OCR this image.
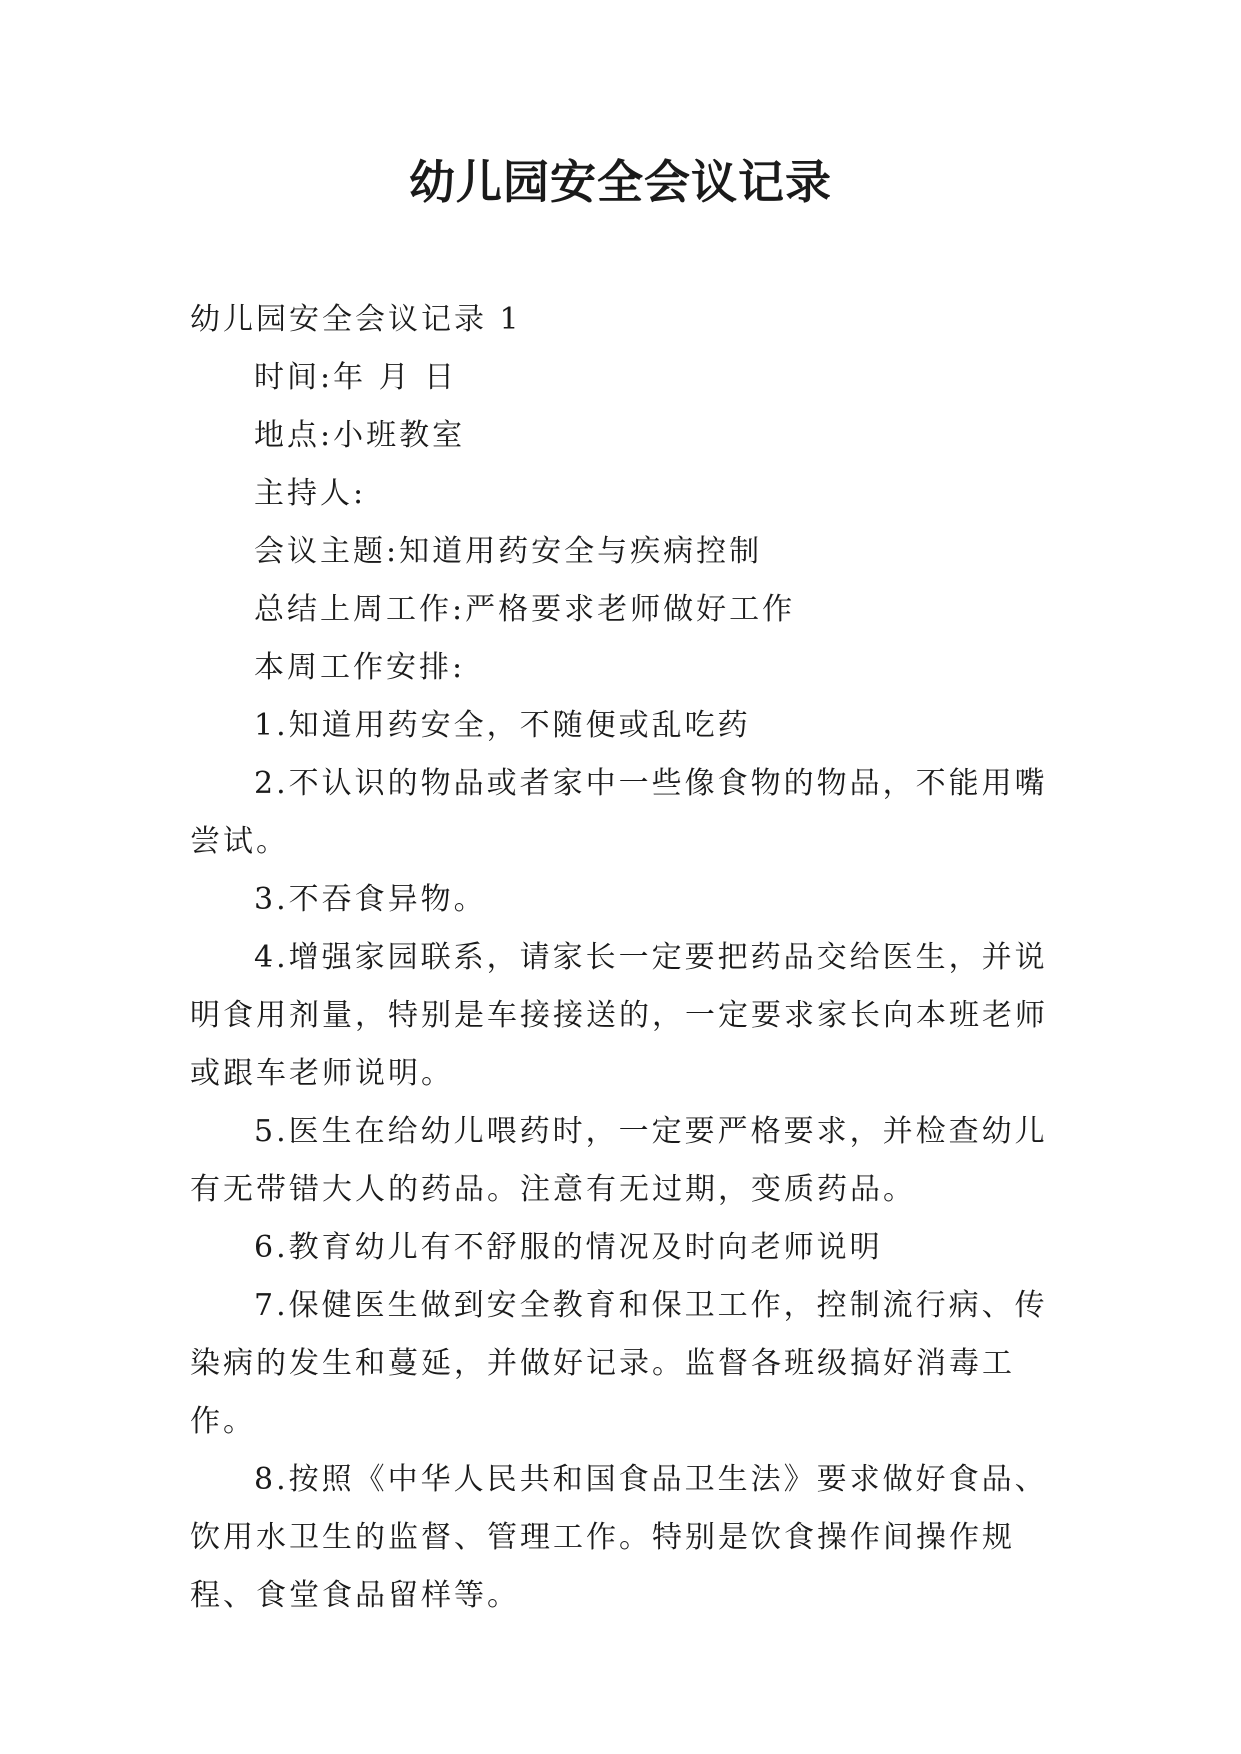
幼儿园安全会议记录

幼儿园安全会议记录 1

时间:年 月 日

地点:小班教室

主持人:

会议主题:知道用药安全与疾病控制

总结上周工作:严格要求老师做好工作

本周工作安排:

1.知道用药安全，不随便或乱吃药

2.不认识的物品或者家中一些像食物的物品，不能用嘴尝试。

3.不吞食异物。

4.增强家园联系，请家长一定要把药品交给医生，并说明食用剂量，特别是车接接送的，一定要求家长向本班老师或跟车老师说明。

5.医生在给幼儿喂药时，一定要严格要求，并检查幼儿有无带错大人的药品。注意有无过期，变质药品。

6.教育幼儿有不舒服的情况及时向老师说明

7.保健医生做到安全教育和保卫工作，控制流行病、传染病的发生和蔓延，并做好记录。监督各班级搞好消毒工作。

8.按照《中华人民共和国食品卫生法》要求做好食品、饮用水卫生的监督、管理工作。特别是饮食操作间操作规程、食堂食品留样等。
